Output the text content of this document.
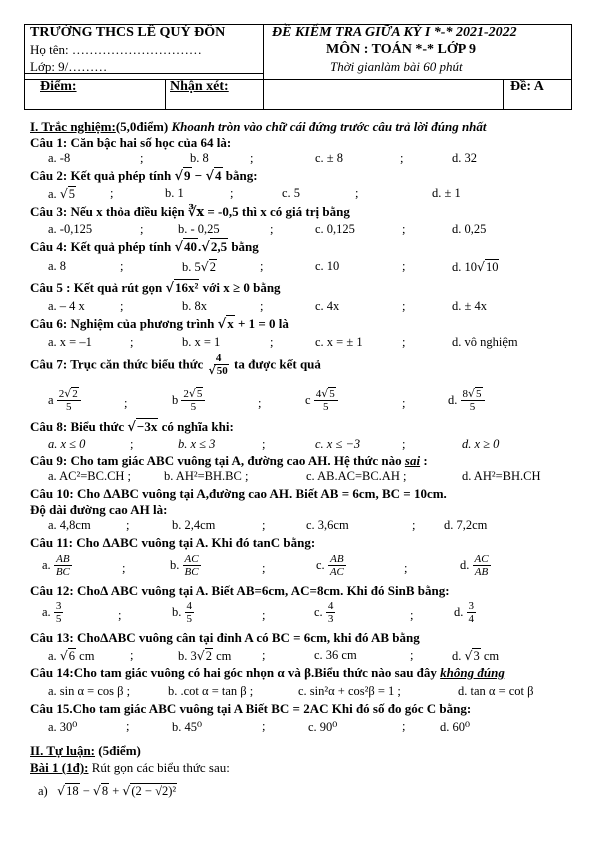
TRƯỜNG THCS LÊ QUÝ ĐÔN
Họ tên: …………………………
Lớp: 9/………
ĐỀ KIỂM TRA GIỮA KỲ I *-* 2021-2022
MÔN : TOÁN *-* LỚP 9
Thời gianlàm bài 60 phút
Điểm:	Nhận xét:	Đề: A
I. Trắc nghiệm:(5,0điểm) Khoanh tròn vào chữ cái đứng trước câu trả lời đúng nhất
Câu 1: Căn bậc hai số học của 64 là:
a. -8	;	b. 8	;	c. ± 8	;	d. 32
Câu 2: Kết quả phép tính √9 − √4 bằng:
a. √5	;	b. 1	;	c. 5	;	d. ± 1
Câu 3: Nếu x thỏa điều kiện ∛x = -0,5 thì x có giá trị bằng
a. -0,125	;	b. - 0,25	;	c. 0,125	;	d. 0,25
Câu 4: Kết quả phép tính √40.√2,5 bằng
a. 8	;	b. 5√2	;	c. 10	;	d. 10√10
Câu 5 : Kết quả rút gọn √16x² với x ≥ 0 bằng
a. – 4 x	;	b. 8x	;	c. 4x	;	d. ± 4x
Câu 6: Nghiệm của phương trình √x + 1 = 0 là
a. x = –1	;	b. x = 1	;	c. x = ± 1	;	d. vô nghiệm
Câu 7: Trục căn thức biểu thức $\frac{4}{√50}$ ta được kết quả
a $\frac{2√2}{5}$	;	b $\frac{2√5}{5}$	;	c $\frac{4√5}{5}$	;	d. $\frac{8√5}{5}$
Câu 8: Biểu thức √−3x có nghĩa khi:
a. x ≤ 0	;	b. x ≤ 3	;	c. x ≤ −3	;	d. x ≥ 0
Câu 9: Cho tam giác ABC vuông tại A, đường cao AH. Hệ thức nào sai :
a. AC²=BC.CH ;	b. AH²=BH.BC ;	c. AB.AC=BC.AH ;	d. AH²=BH.CH
Câu 10: Cho ΔABC vuông tại A,đường cao AH. Biết AB = 6cm, BC = 10cm.
Độ dài đường cao AH là:
a. 4,8cm	;	b. 2,4cm	;	c. 3,6cm	; d. 7,2cm
Câu 11: Cho ΔABC vuông tại A. Khi đó tanC bằng:
a. $\frac{AB}{BC}$	;	b. $\frac{AC}{BC}$	;	c. $\frac{AB}{AC}$	;	d. $\frac{AC}{AB}$
Câu 12: ChoΔ ABC vuông tại A. Biết AB=6cm, AC=8cm. Khi đó SinB bằng:
a. $\frac{3}{5}$	;	b. $\frac{4}{5}$	;	c. $\frac{4}{3}$	;	d. $\frac{3}{4}$
Câu 13: ChoΔABC vuông cân tại đỉnh A có BC = 6cm, khi đó AB bằng
a. √6 cm	;	b. 3√2 cm ;	c. 36 cm	;	d. √3 cm
Câu 14:Cho tam giác vuông có hai góc nhọn α và β.Biểu thức nào sau đây không đúng
a. sin α = cos β ;	b. .cot α = tan β ;	c. sin²α + cos²β = 1 ;	d. tan α = cot β
Câu 15.Cho tam giác ABC vuông tại A Biết BC = 2AC Khi đó số đo góc C bằng:
a. 30⁰	;	b. 45⁰	;	c. 90⁰	;	d. 60⁰
II. Tự luận: (5điểm)
Bài 1 (1đ): Rút gọn các biểu thức sau:
a) √18 − √8 + √(2 − √2)²
